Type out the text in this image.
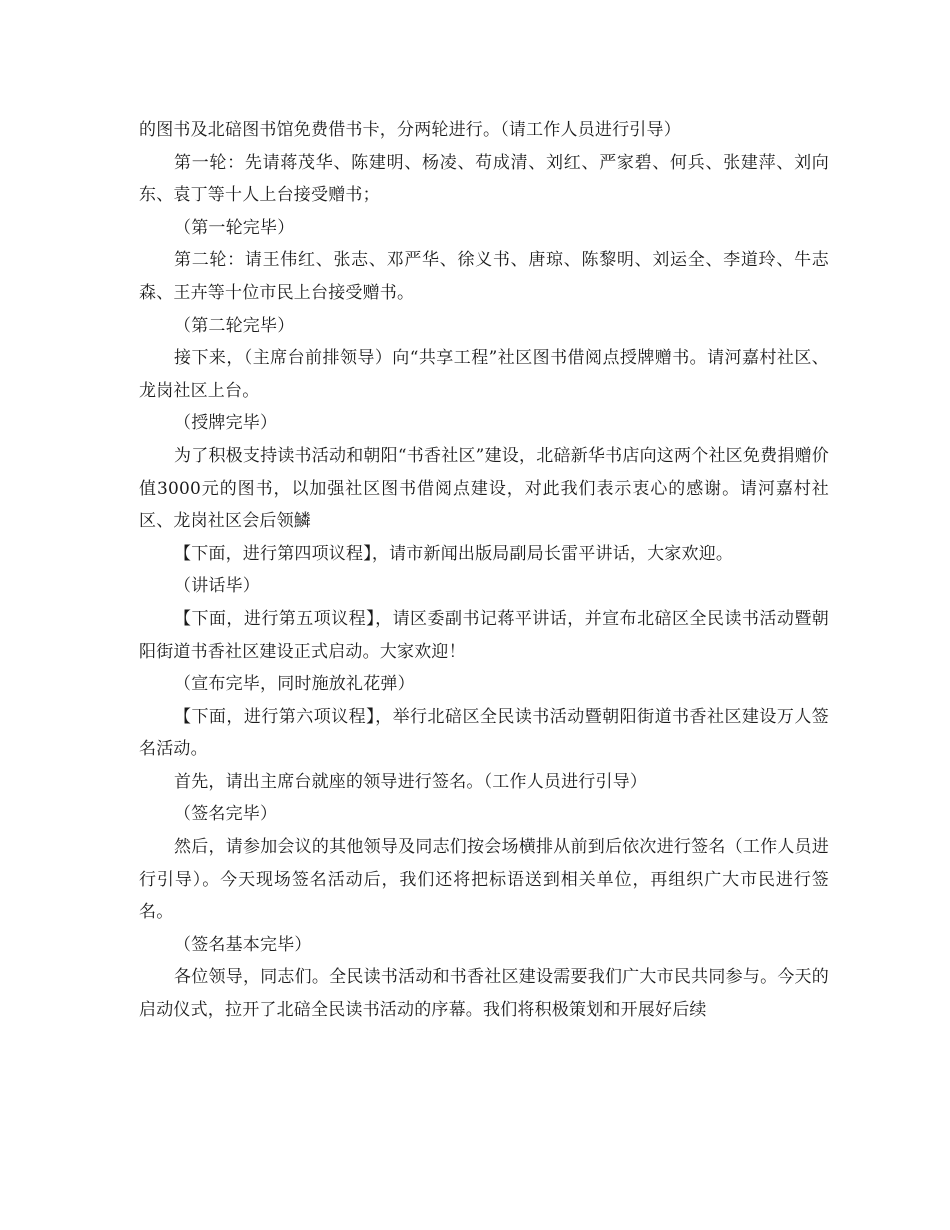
的图书及北碚图书馆免费借书卡，分两轮进行。（请工作人员进行引导）

第一轮：先请蒋茂华、陈建明、杨凌、苟成清、刘红、严家碧、何兵、张建萍、刘向东、袁丁等十人上台接受赠书；

（第一轮完毕）

第二轮：请王伟红、张志、邓严华、徐义书、唐琼、陈黎明、刘运全、李道玲、牛志森、王卉等十位市民上台接受赠书。

（第二轮完毕）

接下来，（主席台前排领导）向“共享工程”社区图书借阅点授牌赠书。请河嘉村社区、龙岗社区上台。

（授牌完毕）

为了积极支持读书活动和朝阳“书香社区”建设，北碚新华书店向这两个社区免费捐赠价值3000元的图书，以加强社区图书借阅点建设，对此我们表示衷心的感谢。请河嘉村社区、龙岗社区会后领鱗

【下面，进行第四项议程】，请市新闻出版局副局长雷平讲话，大家欢迎。

（讲话毕）

【下面，进行第五项议程】，请区委副书记蒋平讲话，并宣布北碚区全民读书活动暨朝阳街道书香社区建设正式启动。大家欢迎！

（宣布完毕，同时施放礼花弹）

【下面，进行第六项议程】，举行北碚区全民读书活动暨朝阳街道书香社区建设万人签名活动。

首先，请出主席台就座的领导进行签名。（工作人员进行引导）

（签名完毕）

然后，请参加会议的其他领导及同志们按会场横排从前到后依次进行签名（工作人员进行引导）。今天现场签名活动后，我们还将把标语送到相关单位，再组织广大市民进行签名。

（签名基本完毕）

各位领导，同志们。全民读书活动和书香社区建设需要我们广大市民共同参与。今天的启动仪式，拉开了北碚全民读书活动的序幕。我们将积极策划和开展好后续
